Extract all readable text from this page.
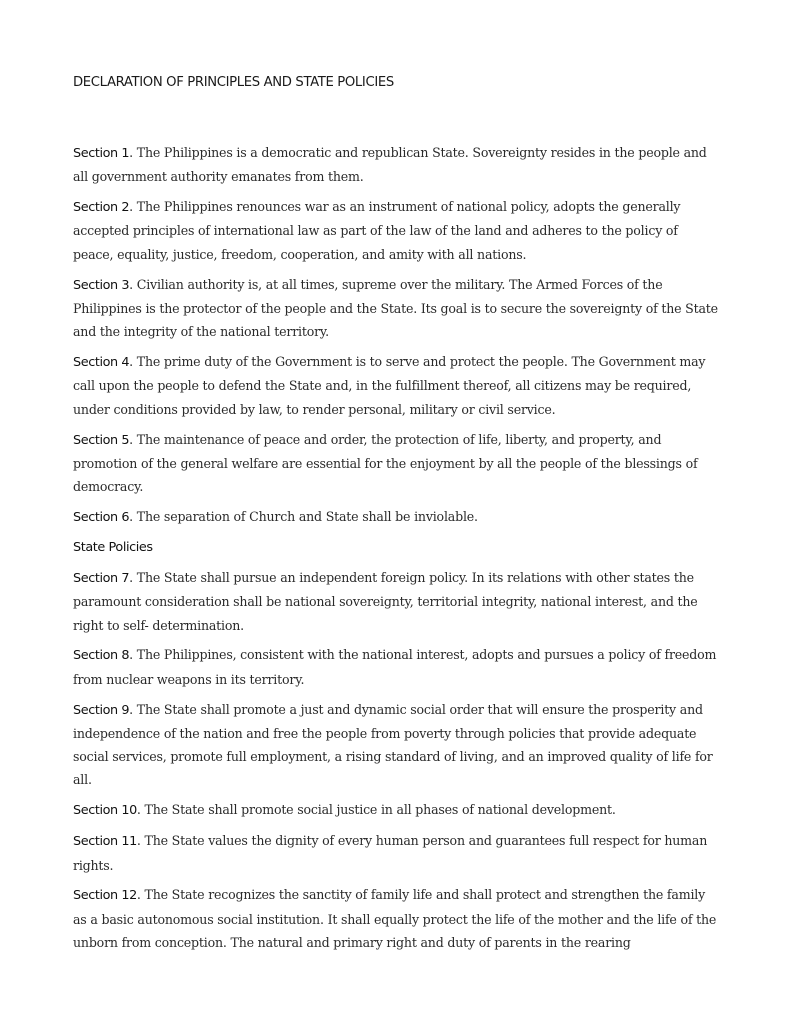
DECLARATION OF PRINCIPLES AND STATE POLICIES

Section 1. The Philippines is a democratic and republican State. Sovereignty resides in the people and all government authority emanates from them.

Section 2. The Philippines renounces war as an instrument of national policy, adopts the generally accepted principles of international law as part of the law of the land and adheres to the policy of peace, equality, justice, freedom, cooperation, and amity with all nations.

Section 3. Civilian authority is, at all times, supreme over the military. The Armed Forces of the Philippines is the protector of the people and the State. Its goal is to secure the sovereignty of the State and the integrity of the national territory.

Section 4. The prime duty of the Government is to serve and protect the people. The Government may call upon the people to defend the State and, in the fulfillment thereof, all citizens may be required, under conditions provided by law, to render personal, military or civil service.

Section 5. The maintenance of peace and order, the protection of life, liberty, and property, and promotion of the general welfare are essential for the enjoyment by all the people of the blessings of democracy.

Section 6. The separation of Church and State shall be inviolable.

State Policies

Section 7. The State shall pursue an independent foreign policy. In its relations with other states the paramount consideration shall be national sovereignty, territorial integrity, national interest, and the right to self- determination.

Section 8. The Philippines, consistent with the national interest, adopts and pursues a policy of freedom from nuclear weapons in its territory.

Section 9. The State shall promote a just and dynamic social order that will ensure the prosperity and independence of the nation and free the people from poverty through policies that provide adequate social services, promote full employment, a rising standard of living, and an improved quality of life for all.

Section 10. The State shall promote social justice in all phases of national development.

Section 11. The State values the dignity of every human person and guarantees full respect for human rights.

Section 12. The State recognizes the sanctity of family life and shall protect and strengthen the family as a basic autonomous social institution. It shall equally protect the life of the mother and the life of the unborn from conception. The natural and primary right and duty of parents in the rearing
